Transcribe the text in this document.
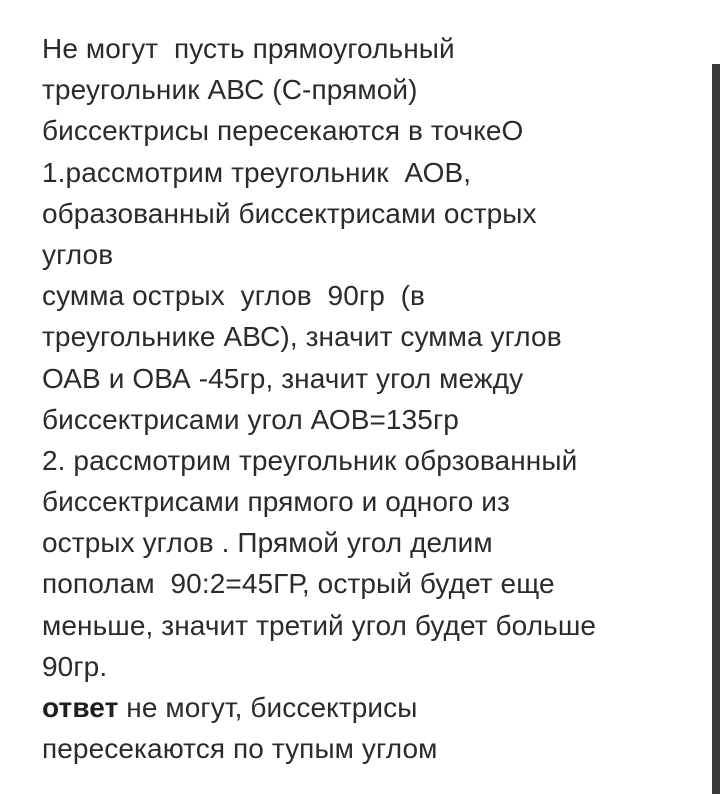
Не могут  пусть прямоугольный
треугольник АВС (С-прямой)
биссектрисы пересекаются в точкеО
1.рассмотрим треугольник  АОВ,
образованный биссектрисами острых
углов
сумма острых  углов  90гр  (в
треугольнике АВС), значит сумма углов
ОАВ и ОВА -45гр, значит угол между
биссектрисами угол АОВ=135гр
2. рассмотрим треугольник обрзованный
биссектрисами прямого и одного из
острых углов . Прямой угол делим
пополам  90:2=45ГР, острый будет еще
меньше, значит третий угол будет больше
90гр.
ответ не могут, биссектрисы
пересекаются по тупым углом
